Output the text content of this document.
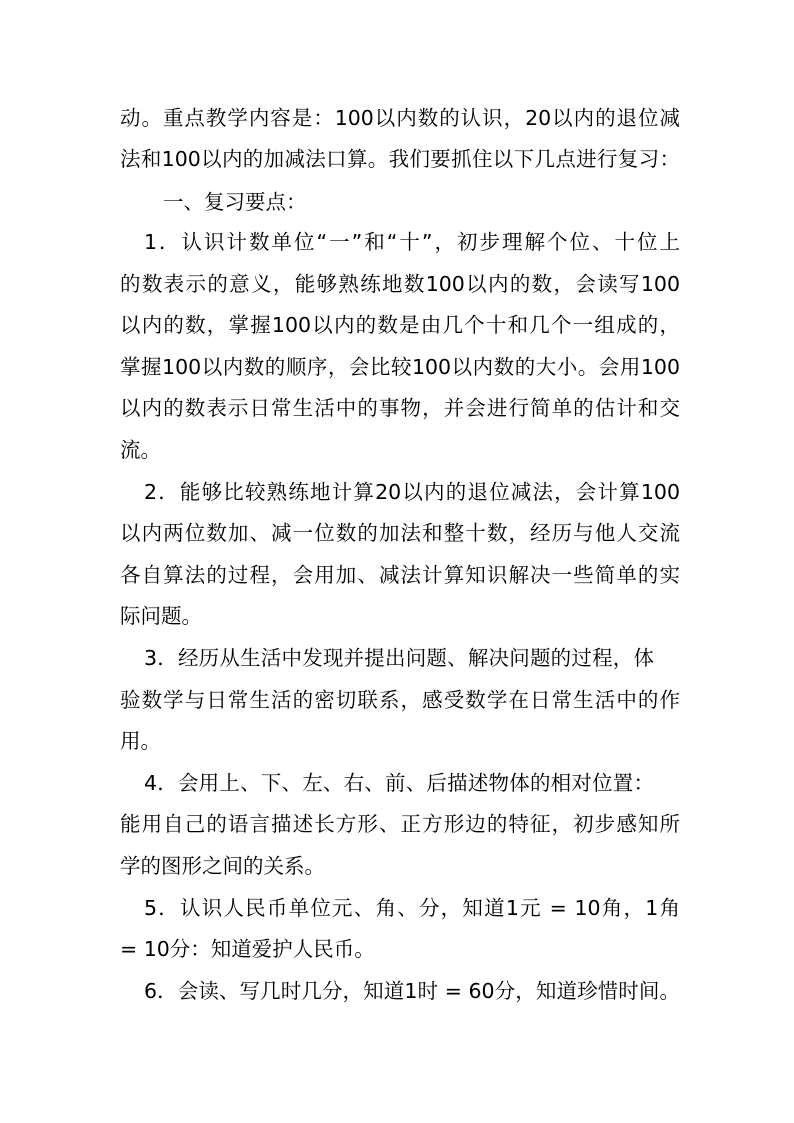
动。重点教学内容是：100以内数的认识，20以内的退位减
法和100以内的加减法口算。我们要抓住以下几点进行复习：
一、复习要点：
1．认识计数单位“一”和“十”，初步理解个位、十位上
的数表示的意义，能够熟练地数100以内的数，会读写100
以内的数，掌握100以内的数是由几个十和几个一组成的，
掌握100以内数的顺序，会比较100以内数的大小。会用100
以内的数表示日常生活中的事物，并会进行简单的估计和交
流。
2．能够比较熟练地计算20以内的退位减法，会计算100
以内两位数加、减一位数的加法和整十数，经历与他人交流
各自算法的过程，会用加、减法计算知识解决一些简单的实
际问题。
3．经历从生活中发现并提出问题、解决问题的过程，体
验数学与日常生活的密切联系，感受数学在日常生活中的作
用。
4．会用上、下、左、右、前、后描述物体的相对位置：
能用自己的语言描述长方形、正方形边的特征，初步感知所
学的图形之间的关系。
5．认识人民币单位元、角、分，知道1元 = 10角，1角
= 10分：知道爱护人民币。
6．会读、写几时几分，知道1时 = 60分，知道珍惜时间。
